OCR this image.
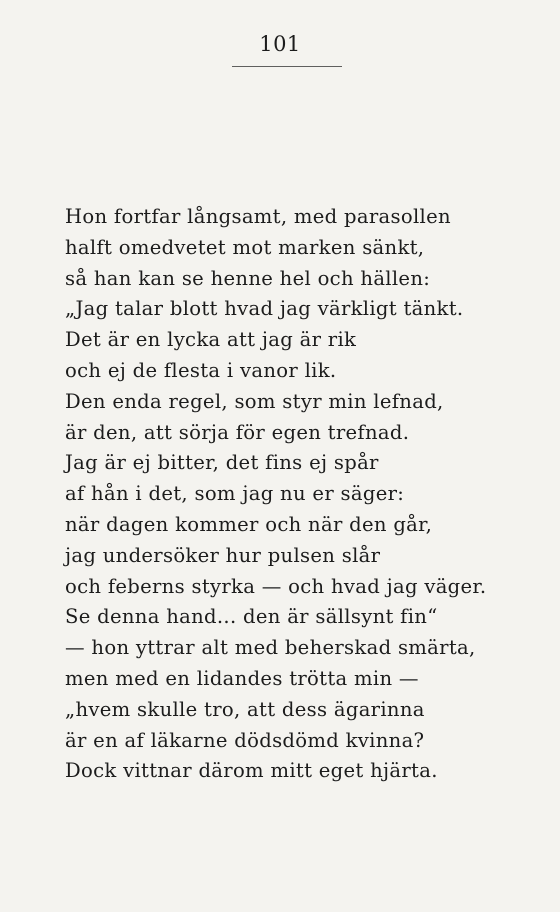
101
Hon fortfar långsamt, med parasollen
halft omedvetet mot marken sänkt,
så han kan se henne hel och hällen:
„Jag talar blott hvad jag värkligt tänkt.
Det är en lycka att jag är rik
och ej de flesta i vanor lik.
Den enda regel, som styr min lefnad,
är den, att sörja för egen trefnad.
Jag är ej bitter, det fins ej spår
af hån i det, som jag nu er säger:
när dagen kommer och när den går,
jag undersöker hur pulsen slår
och feberns styrka — och hvad jag väger.
Se denna hand... den är sällsynt fin“
— hon yttrar alt med beherskad smärta,
men med en lidandes trötta min —
„hvem skulle tro, att dess ägarinna
är en af läkarne dödsdömd kvinna?
Dock vittnar därom mitt eget hjärta.
